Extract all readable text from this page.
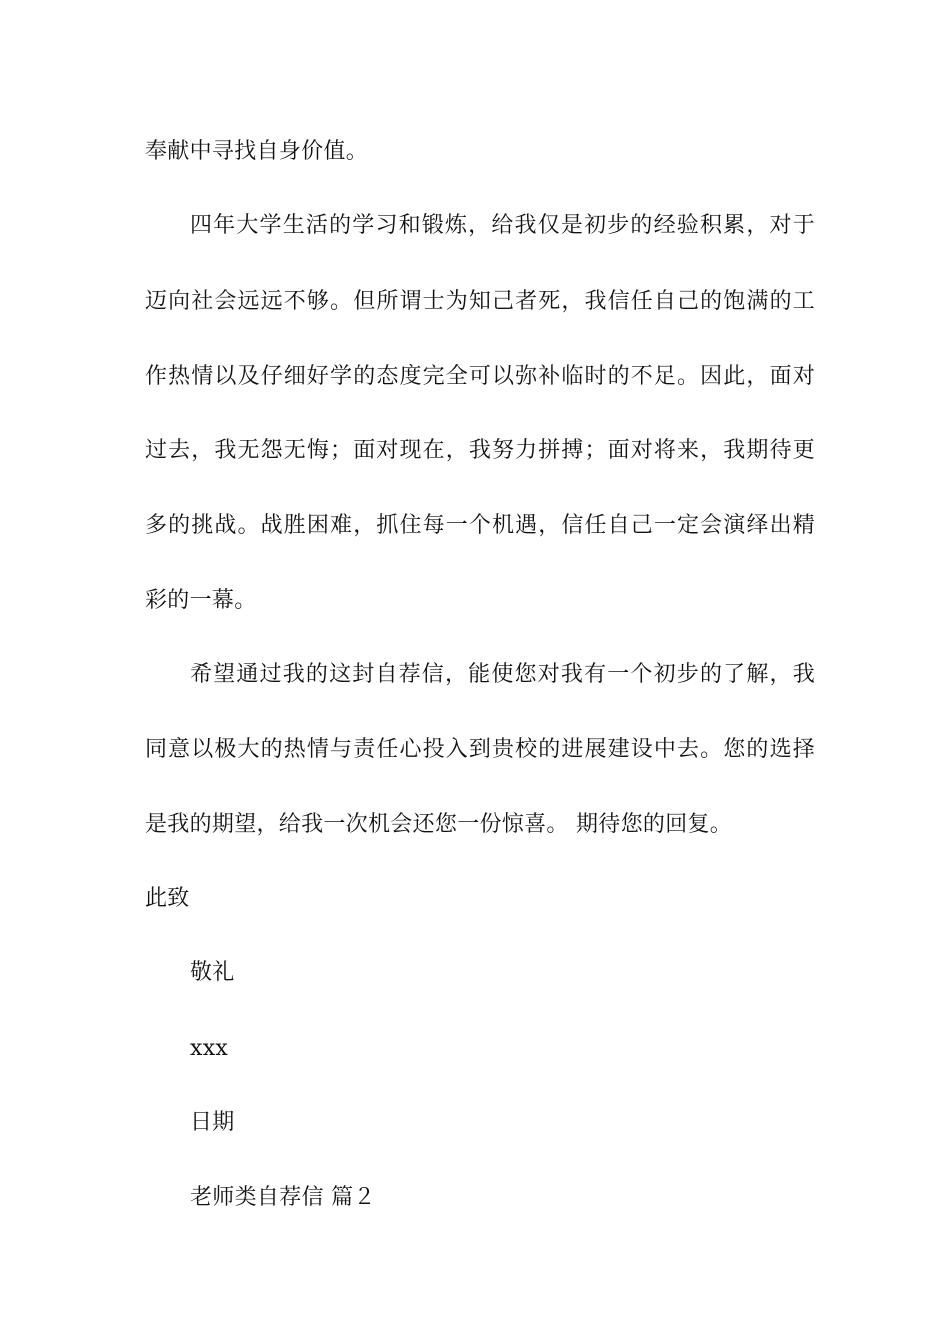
奉献中寻找自身价值。
四年大学生活的学习和锻炼，给我仅是初步的经验积累，对于
迈向社会远远不够。但所谓士为知己者死，我信任自己的饱满的工
作热情以及仔细好学的态度完全可以弥补临时的不足。因此，面对
过去，我无怨无悔；面对现在，我努力拼搏；面对将来，我期待更
多的挑战。战胜困难，抓住每一个机遇，信任自己一定会演绎出精
彩的一幕。
希望通过我的这封自荐信，能使您对我有一个初步的了解，我
同意以极大的热情与责任心投入到贵校的进展建设中去。您的选择
是我的期望，给我一次机会还您一份惊喜。 期待您的回复。
此致
敬礼
xxx
日期
老师类自荐信 篇２
